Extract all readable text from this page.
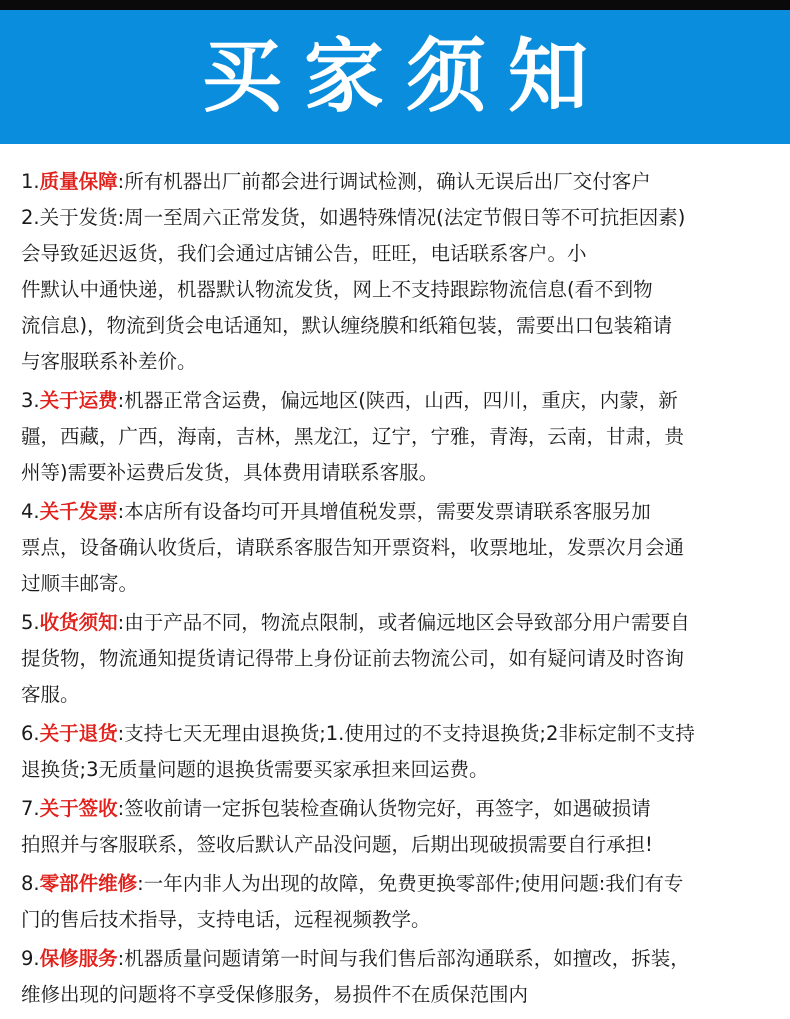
买家须知
1.质量保障:所有机器出厂前都会进行调试检测，确认无误后出厂交付客户
2.关于发货:周一至周六正常发货，如遇特殊情况(法定节假日等不可抗拒因素)
会导致延迟返货，我们会通过店铺公告，旺旺，电话联系客户。小
件默认中通快递，机器默认物流发货，网上不支持跟踪物流信息(看不到物
流信息)，物流到货会电话通知，默认缠绕膜和纸箱包装，需要出口包装箱请
与客服联系补差价。
3.关于运费:机器正常含运费，偏远地区(陕西，山西，四川，重庆，内蒙，新
疆，西藏，广西，海南，吉林，黑龙江，辽宁，宁雅，青海，云南，甘肃，贵
州等)需要补运费后发货，具体费用请联系客服。
4.关千发票:本店所有设备均可开具增值税发票，需要发票请联系客服另加
票点，设备确认收货后，请联系客服告知开票资料，收票地址，发票次月会通
过顺丰邮寄。
5.收货须知:由于产品不同，物流点限制，或者偏远地区会导致部分用户需要自
提货物，物流通知提货请记得带上身份证前去物流公司，如有疑问请及时咨询
客服。
6.关于退货:支持七天无理由退换货;1.使用过的不支持退换货;2非标定制不支持
退换货;3无质量问题的退换货需要买家承担来回运费。
7.关于签收:签收前请一定拆包装检查确认货物完好，再签字，如遇破损请
拍照并与客服联系，签收后默认产品没问题，后期出现破损需要自行承担!
8.零部件维修:一年内非人为出现的故障，免费更换零部件;使用问题:我们有专
门的售后技术指导，支持电话，远程视频教学。
9.保修服务:机器质量问题请第一时间与我们售后部沟通联系，如擅改，拆装，
维修出现的问题将不享受保修服务，易损件不在质保范围内
